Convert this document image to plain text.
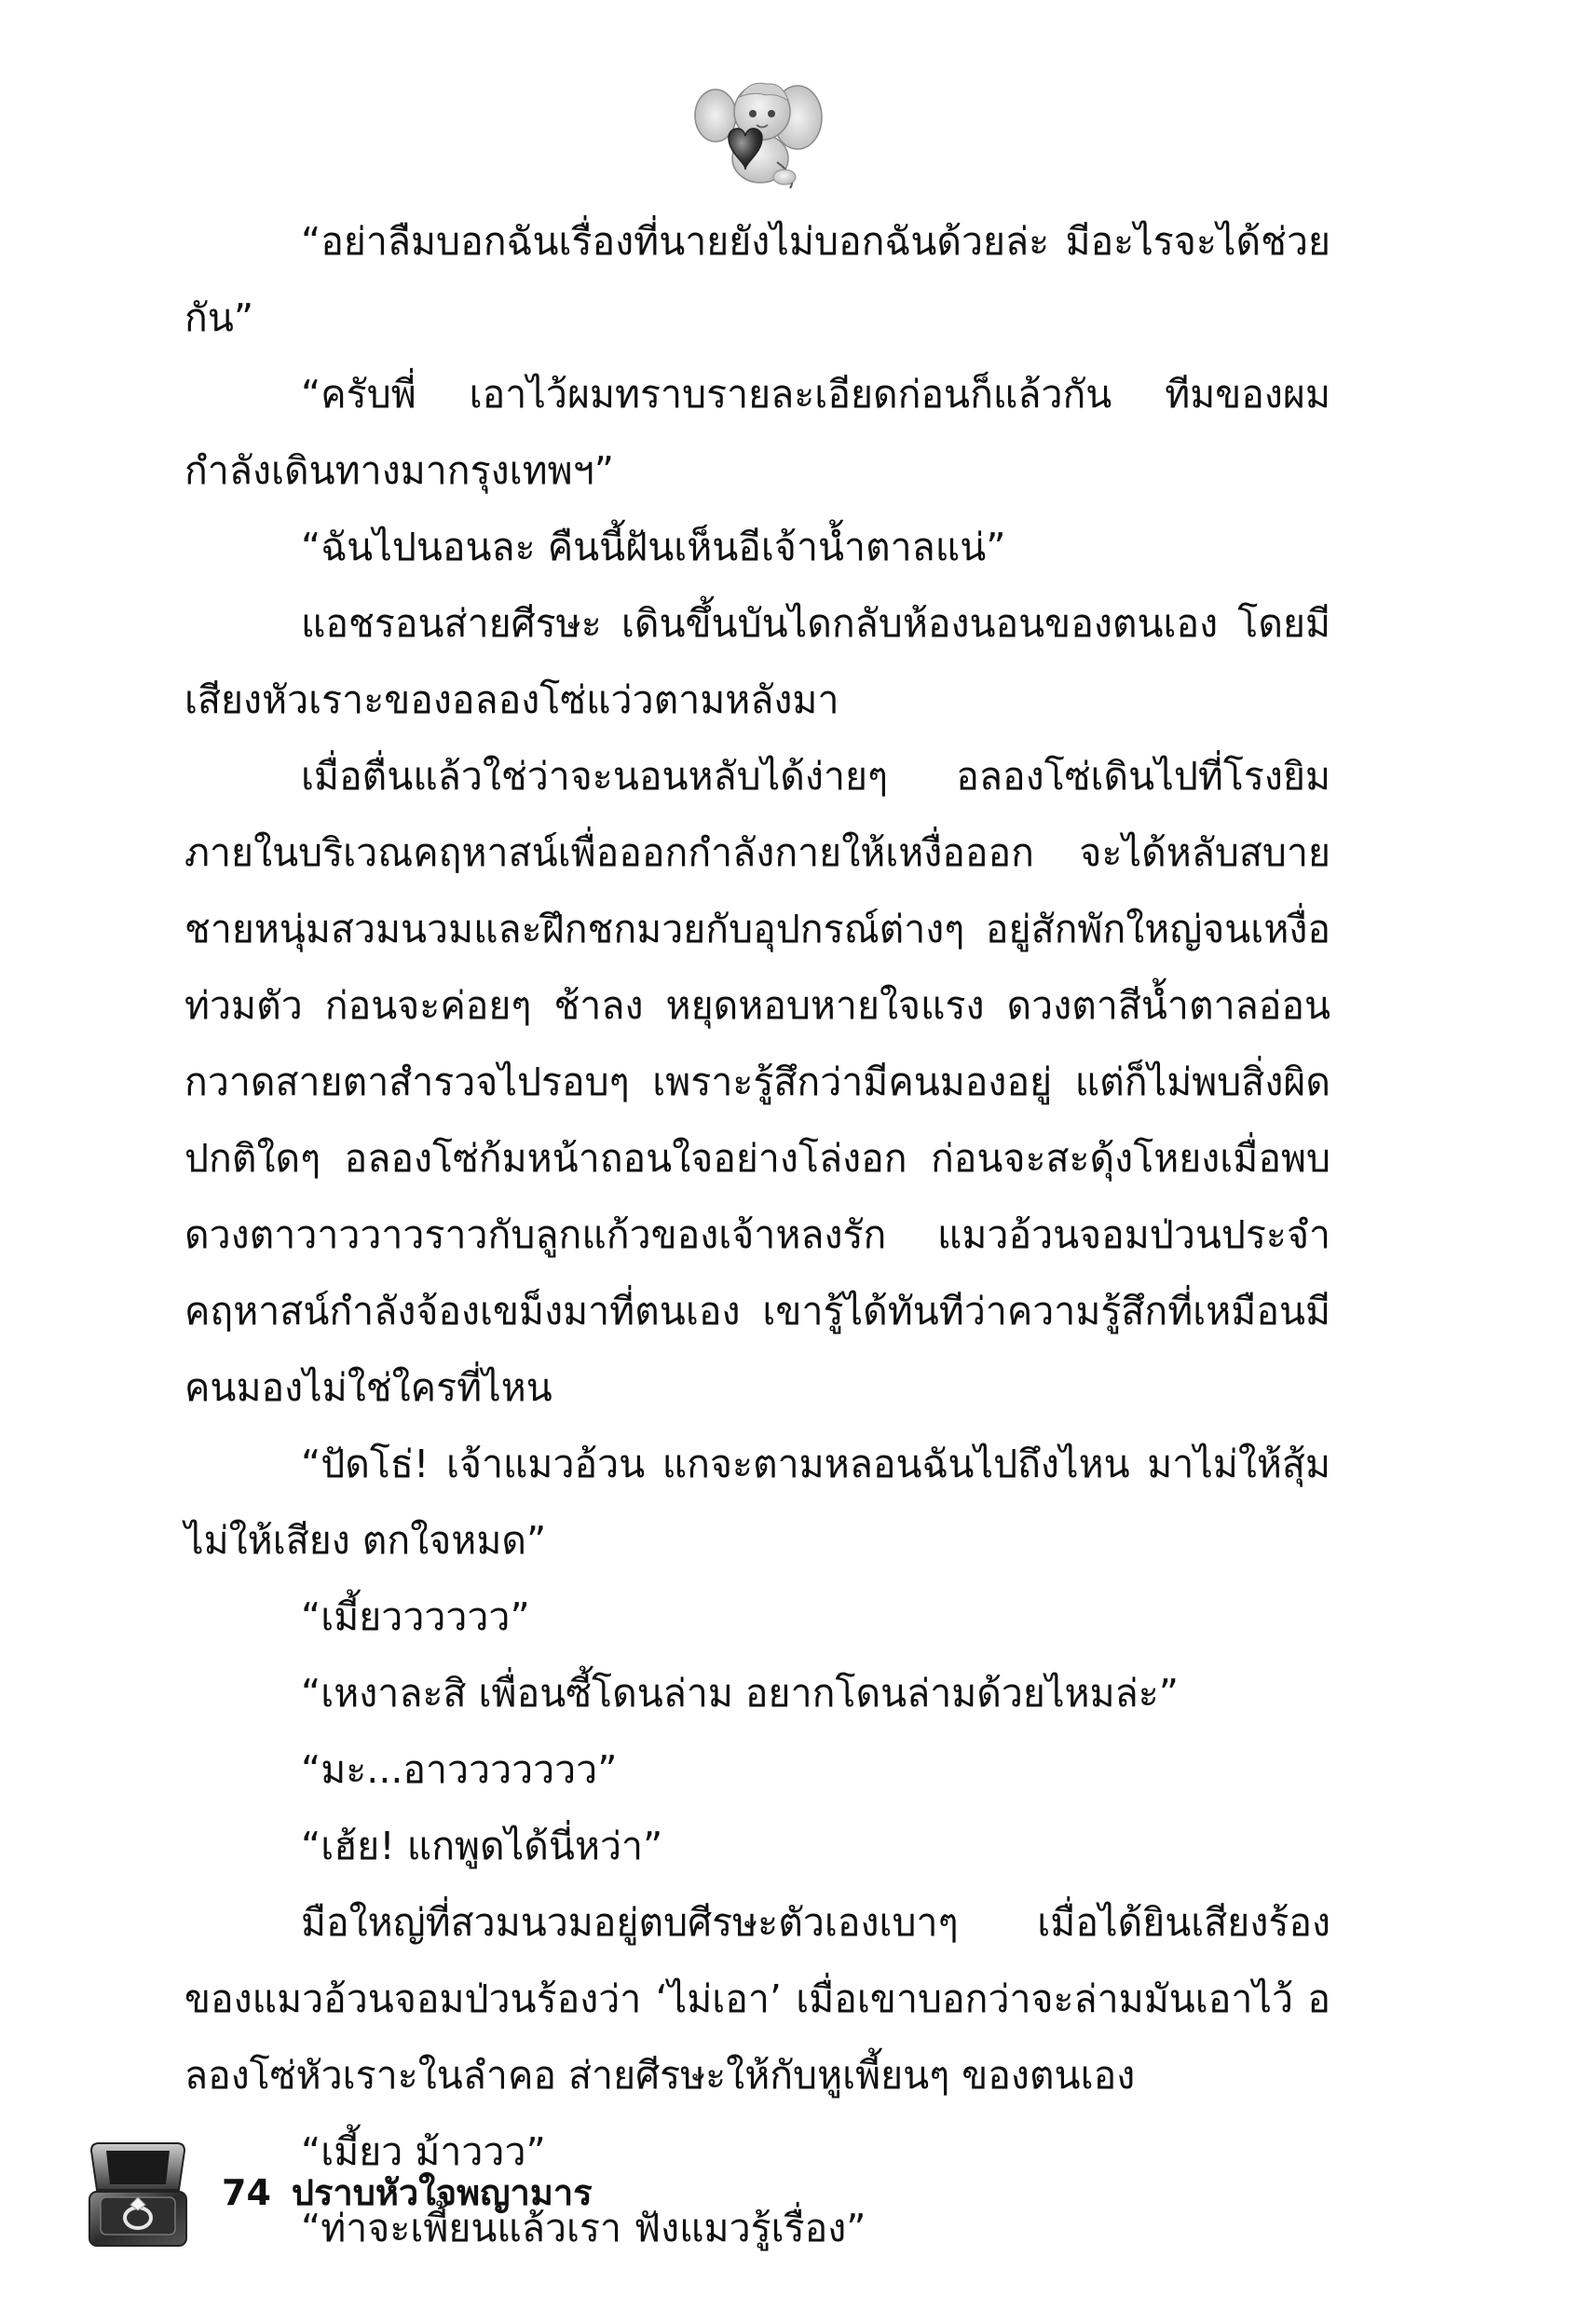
“อย่าลืมบอกฉันเรื่องที่นายยังไม่บอกฉันด้วยล่ะ มีอะไรจะได้ช่วยกัน”

“ครับพี่ เอาไว้ผมทราบรายละเอียดก่อนก็แล้วกัน ทีมของผมกำลังเดินทางมากรุงเทพฯ”

“ฉันไปนอนละ คืนนี้ฝันเห็นอีเจ้าน้ำตาลแน่”

แอชรอนส่ายศีรษะ เดินขึ้นบันไดกลับห้องนอนของตนเอง โดยมีเสียงหัวเราะของอลองโซ่แว่วตามหลังมา

เมื่อตื่นแล้วใช่ว่าจะนอนหลับได้ง่ายๆ อลองโซ่เดินไปที่โรงยิมภายในบริเวณคฤหาสน์เพื่อออกกำลังกายให้เหงื่อออก จะได้หลับสบาย ชายหนุ่มสวมนวมและฝึกชกมวยกับอุปกรณ์ต่างๆ อยู่สักพักใหญ่จนเหงื่อท่วมตัว ก่อนจะค่อยๆ ช้าลง หยุดหอบหายใจแรง ดวงตาสีน้ำตาลอ่อนกวาดสายตาสำรวจไปรอบๆ เพราะรู้สึกว่ามีคนมองอยู่ แต่ก็ไม่พบสิ่งผิดปกติใดๆ อลองโซ่ก้มหน้าถอนใจอย่างโล่งอก ก่อนจะสะดุ้งโหยงเมื่อพบดวงตาวาววาวราวกับลูกแก้วของเจ้าหลงรัก แมวอ้วนจอมป่วนประจำคฤหาสน์กำลังจ้องเขม็งมาที่ตนเอง เขารู้ได้ทันทีว่าความรู้สึกที่เหมือนมีคนมองไม่ใช่ใครที่ไหน

“ปัดโธ่! เจ้าแมวอ้วน แกจะตามหลอนฉันไปถึงไหน มาไม่ให้สุ้มไม่ให้เสียง ตกใจหมด”

“เมี้ยวววววว”

“เหงาละสิ เพื่อนซี้โดนล่าม อยากโดนล่ามด้วยไหมล่ะ”

“มะ...อาววววววว”

“เฮ้ย! แกพูดได้นี่หว่า”

มือใหญ่ที่สวมนวมอยู่ตบศีรษะตัวเองเบาๆ เมื่อได้ยินเสียงร้องของแมวอ้วนจอมป่วนร้องว่า ‘ไม่เอา’ เมื่อเขาบอกว่าจะล่ามมันเอาไว้ อลองโซ่หัวเราะในลำคอ ส่ายศีรษะให้กับหูเพี้ยนๆ ของตนเอง

“เมี้ยว ม้าววว”

“ท่าจะเพี้ยนแล้วเรา ฟังแมวรู้เรื่อง”

74 ปราบหัวใจพญามาร
